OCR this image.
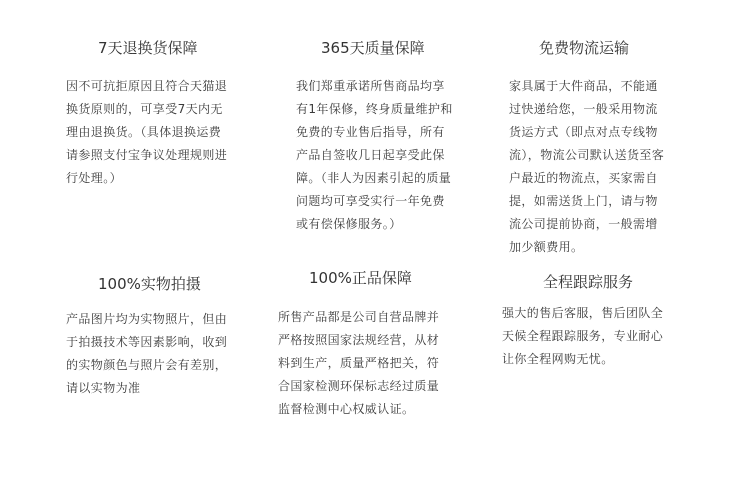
7天退换货保障
因不可抗拒原因且符合天猫退换货原则的，可享受7天内无理由退换货。（具体退换运费请参照支付宝争议处理规则进行处理。）
365天质量保障
我们郑重承诺所售商品均享有1年保修，终身质量维护和免费的专业售后指导，所有产品自签收几日起享受此保障。（非人为因素引起的质量问题均可享受实行一年免费或有偿保修服务。）
免费物流运输
家具属于大件商品，不能通过快递给您，一般采用物流货运方式（即点对点专线物流），物流公司默认送货至客户最近的物流点，买家需自提，如需送货上门，请与物流公司提前协商，一般需增加少额费用。
100%实物拍摄
产品图片均为实物照片，但由于拍摄技术等因素影响，收到的实物颜色与照片会有差别，请以实物为准
100%正品保障
所售产品都是公司自营品牌并严格按照国家法规经营，从材料到生产，质量严格把关，符合国家检测环保标志经过质量监督检测中心权威认证。
全程跟踪服务
强大的售后客服，售后团队全天候全程跟踪服务，专业耐心让你全程网购无忧。
